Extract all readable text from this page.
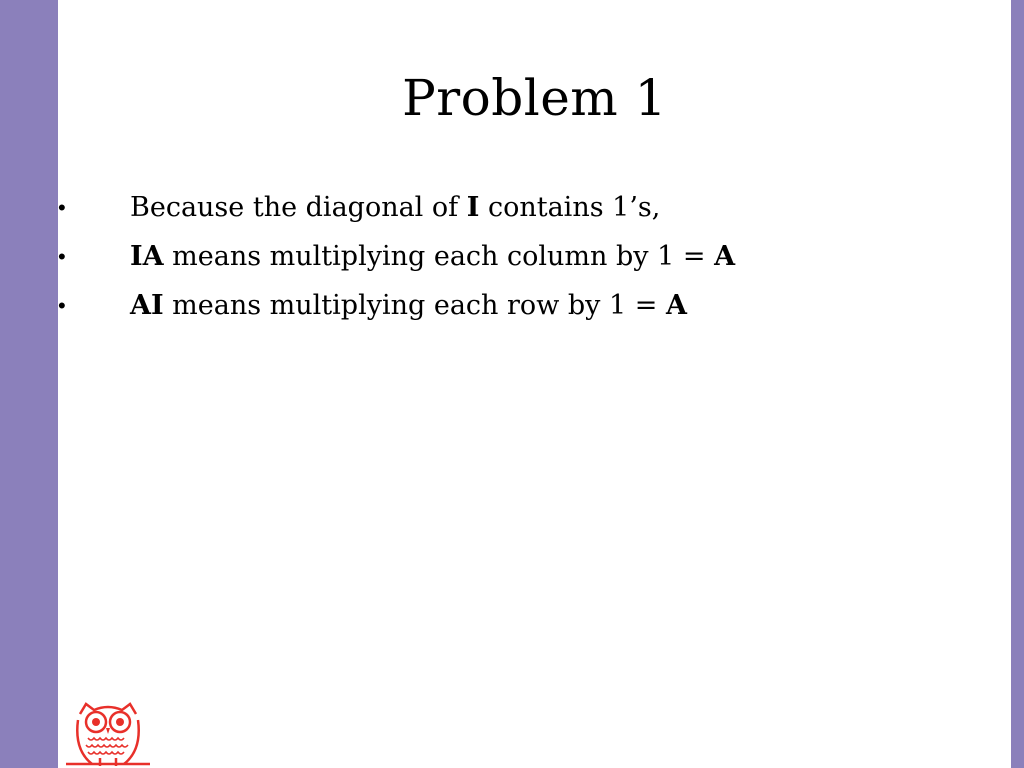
Problem 1
• Because the diagonal of I contains 1’s,
• IA means multiplying each column by 1 = A
• AI means multiplying each row by 1 = A
